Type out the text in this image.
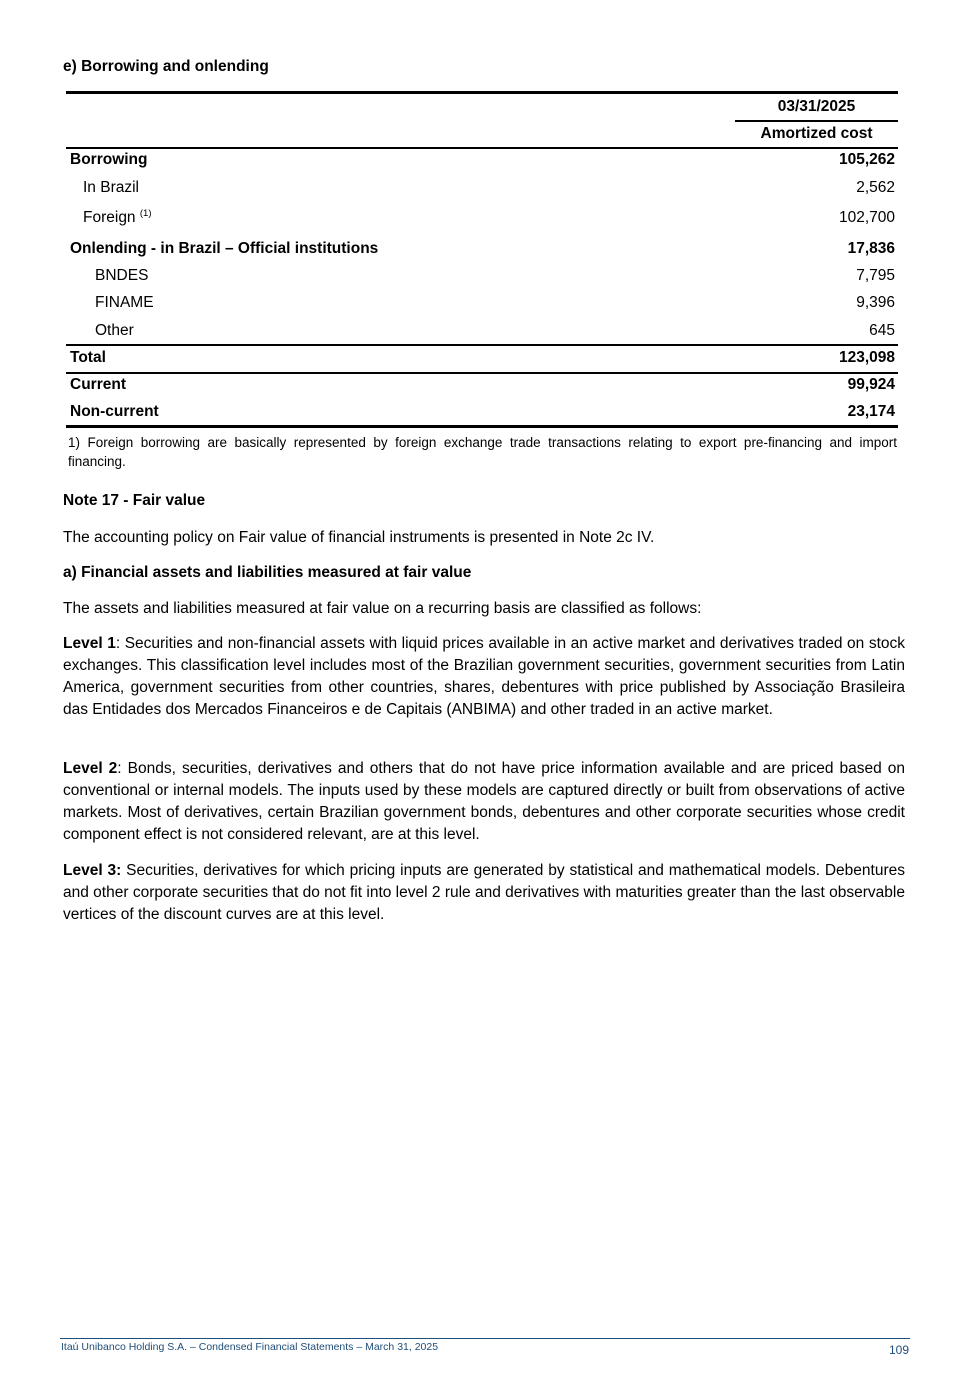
e) Borrowing and onlending
03/31/2025
Amortized cost
Borrowing	105,262
In Brazil	2,562
Foreign $^{(1)}$	102,700
Onlending - in Brazil – Official institutions	17,836
BNDES	7,795
FINAME	9,396
Other	645
Total	123,098
Current	99,924
Non-current	23,174
1) Foreign borrowing are basically represented by foreign exchange trade transactions relating to export pre-financing and import financing.
Note 17 - Fair value
The accounting policy on Fair value of financial instruments is presented in Note 2c IV.
a) Financial assets and liabilities measured at fair value
The assets and liabilities measured at fair value on a recurring basis are classified as follows:
Level 1: Securities and non-financial assets with liquid prices available in an active market and derivatives traded on stock exchanges. This classification level includes most of the Brazilian government securities, government securities from Latin America, government securities from other countries, shares, debentures with price published by Associação Brasileira das Entidades dos Mercados Financeiros e de Capitais (ANBIMA) and other traded in an active market.
Level 2: Bonds, securities, derivatives and others that do not have price information available and are priced based on conventional or internal models. The inputs used by these models are captured directly or built from observations of active markets. Most of derivatives, certain Brazilian government bonds, debentures and other corporate securities whose credit component effect is not considered relevant, are at this level.
Level 3: Securities, derivatives for which pricing inputs are generated by statistical and mathematical models. Debentures and other corporate securities that do not fit into level 2 rule and derivatives with maturities greater than the last observable vertices of the discount curves are at this level.
Itaú Unibanco Holding S.A. – Condensed Financial Statements – March 31, 2025	109
